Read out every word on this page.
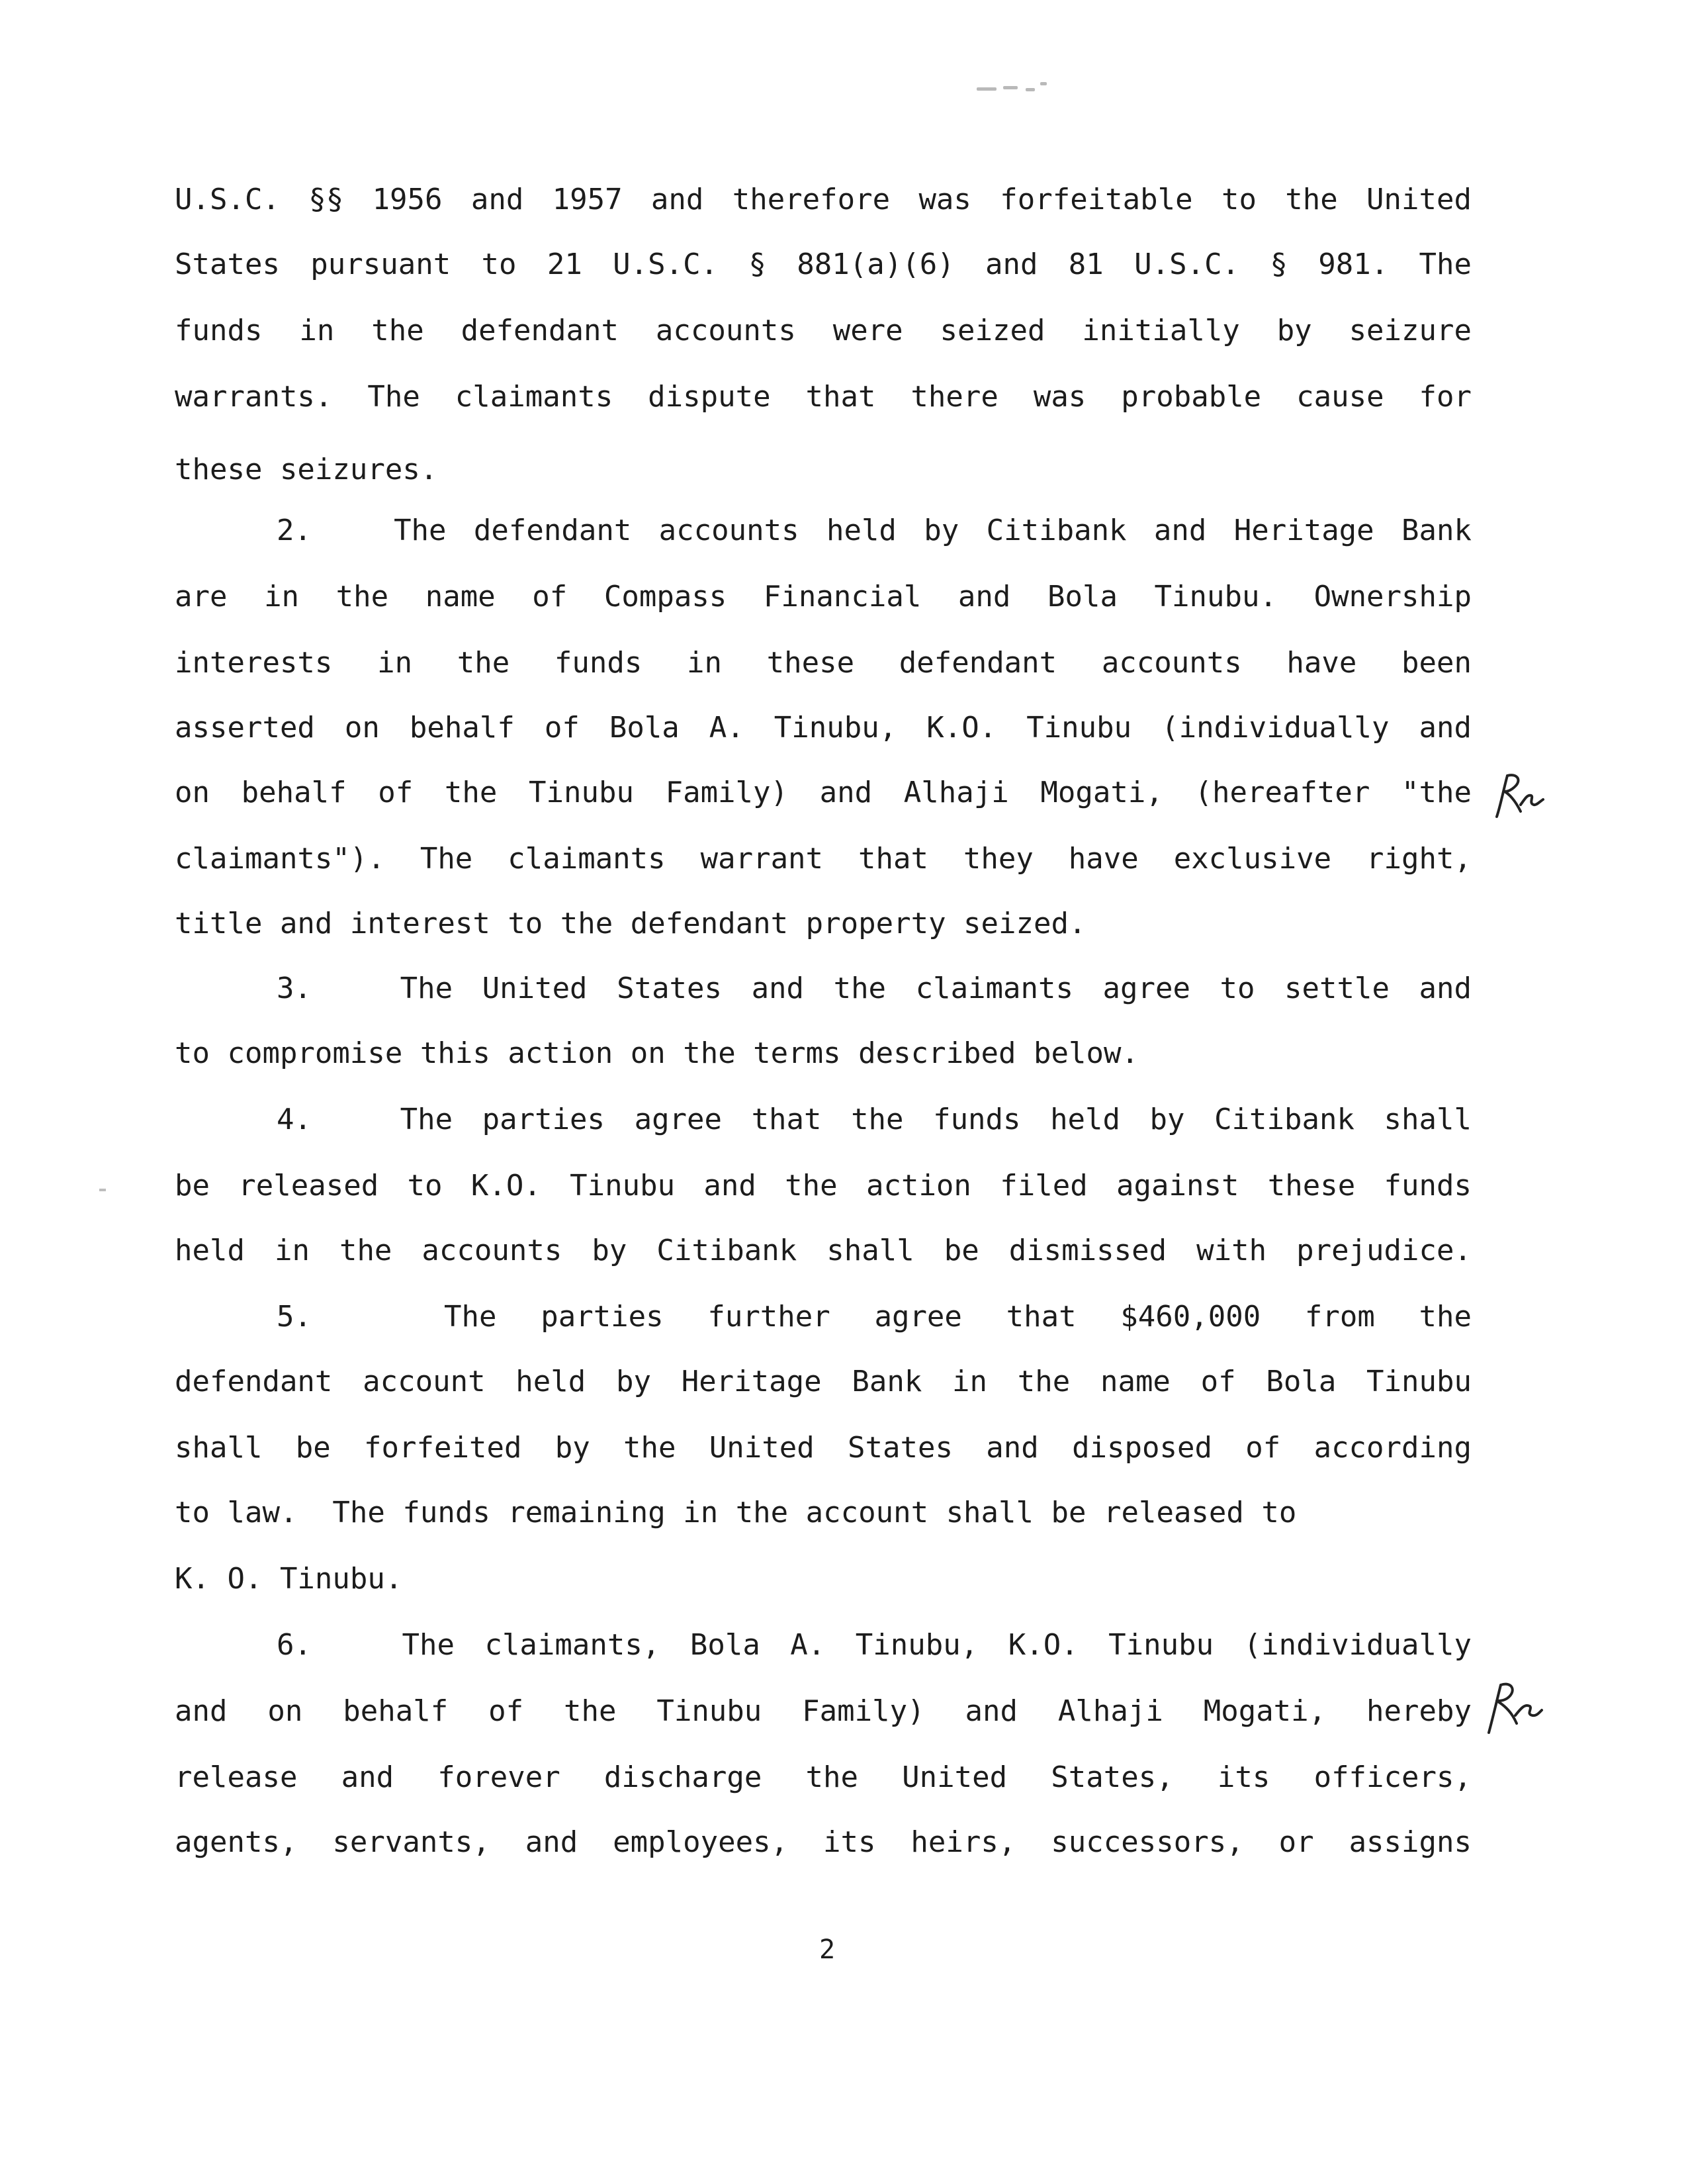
U.S.C. §§ 1956 and 1957 and therefore was forfeitable to the United
States pursuant to 21 U.S.C. § 881(a)(6) and 81 U.S.C. § 981. The
funds in the defendant accounts were seized initially by seizure
warrants. The claimants dispute that there was probable cause for
these seizures.
2.   The defendant accounts held by Citibank and Heritage Bank
are in the name of Compass Financial and Bola Tinubu. Ownership
interests in the funds in these defendant accounts have been
asserted on behalf of Bola A. Tinubu, K.O. Tinubu (individually and
on behalf of the Tinubu Family) and Alhaji Mogati, (hereafter "the
claimants"). The claimants warrant that they have exclusive right,
title and interest to the defendant property seized.
3.   The United States and the claimants agree to settle and
to compromise this action on the terms described below.
4.   The parties agree that the funds held by Citibank shall
be released to K.O. Tinubu and the action filed against these funds
held in the accounts by Citibank shall be dismissed with prejudice.
5.   The parties further agree that $460,000 from the
defendant account held by Heritage Bank in the name of Bola Tinubu
shall be forfeited by the United States and disposed of according
to law.  The funds remaining in the account shall be released to
K. O. Tinubu.
6.   The claimants, Bola A. Tinubu, K.O. Tinubu (individually
and on behalf of the Tinubu Family) and Alhaji Mogati, hereby
release and forever discharge the United States, its officers,
agents, servants, and employees, its heirs, successors, or assigns
2
